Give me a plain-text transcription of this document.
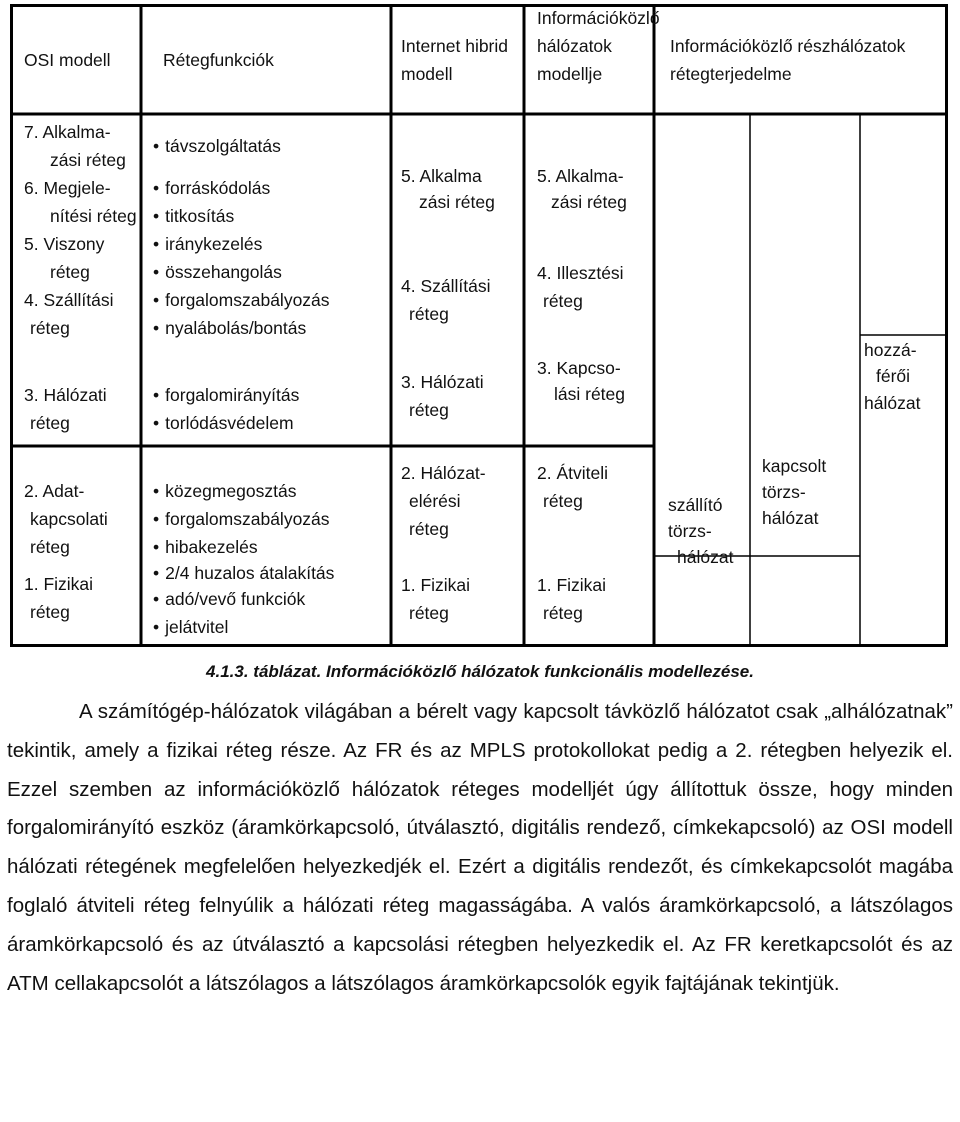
OSI modell	Rétegfunkciók
Internet hibrid modell
Információközlő hálózatok modellje
Információközlő részhálózatok rétegterjedelme
7. Alkalma-
zási réteg
6. Megjele-
nítési réteg
5. Viszony
réteg
4. Szállítási
réteg
3. Hálózati
réteg
2. Adat-
kapcsolati
réteg
1. Fizikai
réteg
• távszolgáltatás
• forráskódolás
• titkosítás
• iránykezelés
• összehangolás
• forgalomszabályozás
• nyalábolás/bontás
• forgalomirányítás
• torlódásvédelem
• közegmegosztás
• forgalomszabályozás
• hibakezelés
• 2/4 huzalos átalakítás
• adó/vevő funkciók
• jelátvitel
5. Alkalma
zási réteg
4. Szállítási
réteg
3. Hálózati
réteg
2. Hálózat-
elérési
réteg
1. Fizikai
réteg
5. Alkalma-
zási réteg
4. Illesztési
réteg
3. Kapcso-
lási réteg
2. Átviteli
réteg
1. Fizikai
réteg
hozzá-
férői
hálózat
szállító
törzs-
hálózat
kapcsolt
törzs-
hálózat
4.1.3. táblázat. Információközlő hálózatok funkcionális modellezése.

A számítógép-hálózatok világában a bérelt vagy kapcsolt távközlő hálózatot csak „alhálózatnak” tekintik, amely a fizikai réteg része. Az FR és az MPLS protokollokat pedig a 2. rétegben helyezik el. Ezzel szemben az információközlő hálózatok réteges modelljét úgy állítottuk össze, hogy minden forgalomirányító eszköz (áramkörkapcsoló, útválasztó, digitális rendező, címkekapcsoló) az OSI modell hálózati rétegének megfelelően helyezkedjék el. Ezért a digitális rendezőt, és címkekapcsolót magába foglaló átviteli réteg felnyúlik a hálózati réteg magasságába. A valós áramkörkapcsoló, a látszólagos áramkörkapcsoló és az útválasztó a kapcsolási rétegben helyezkedik el. Az FR keretkapcsolót és az ATM cellakapcsolót a látszólagos a látszólagos áramkörkapcsolók egyik fajtájának tekintjük.
